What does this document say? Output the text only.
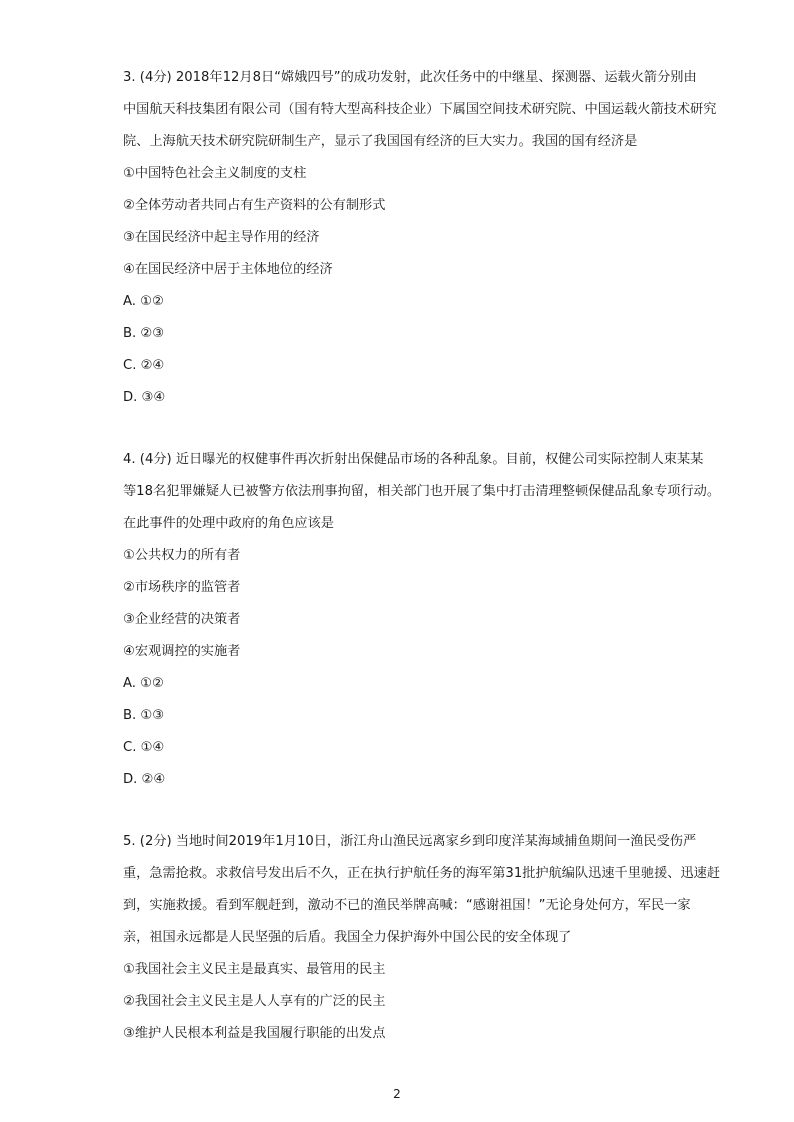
3. (4分) 2018年12月8日“嫦娥四号”的成功发射，此次任务中的中继星、探测器、运载火箭分别由

中国航天科技集团有限公司（国有特大型高科技企业）下属国空间技术研究院、中国运载火箭技术研究

院、上海航天技术研究院研制生产，显示了我国国有经济的巨大实力。我国的国有经济是

①中国特色社会主义制度的支柱

②全体劳动者共同占有生产资料的公有制形式

③在国民经济中起主导作用的经济

④在国民经济中居于主体地位的经济

A. ①②

B. ②③

C. ②④

D. ③④

4. (4分) 近日曝光的权健事件再次折射出保健品市场的各种乱象。目前，权健公司实际控制人束某某

等18名犯罪嫌疑人已被警方依法刑事拘留，相关部门也开展了集中打击清理整顿保健品乱象专项行动。

在此事件的处理中政府的角色应该是

①公共权力的所有者

②市场秩序的监管者

③企业经营的决策者

④宏观调控的实施者

A. ①②

B. ①③

C. ①④

D. ②④

5. (2分) 当地时间2019年1月10日，浙江舟山渔民远离家乡到印度洋某海域捕鱼期间一渔民受伤严

重，急需抢救。求救信号发出后不久，正在执行护航任务的海军第31批护航编队迅速千里驰援、迅速赶

到，实施救援。看到军舰赶到，激动不已的渔民举牌高喊：“感谢祖国！”无论身处何方，军民一家

亲，祖国永远都是人民坚强的后盾。我国全力保护海外中国公民的安全体现了

①我国社会主义民主是最真实、最管用的民主

②我国社会主义民主是人人享有的广泛的民主

③维护人民根本利益是我国履行职能的出发点

2
